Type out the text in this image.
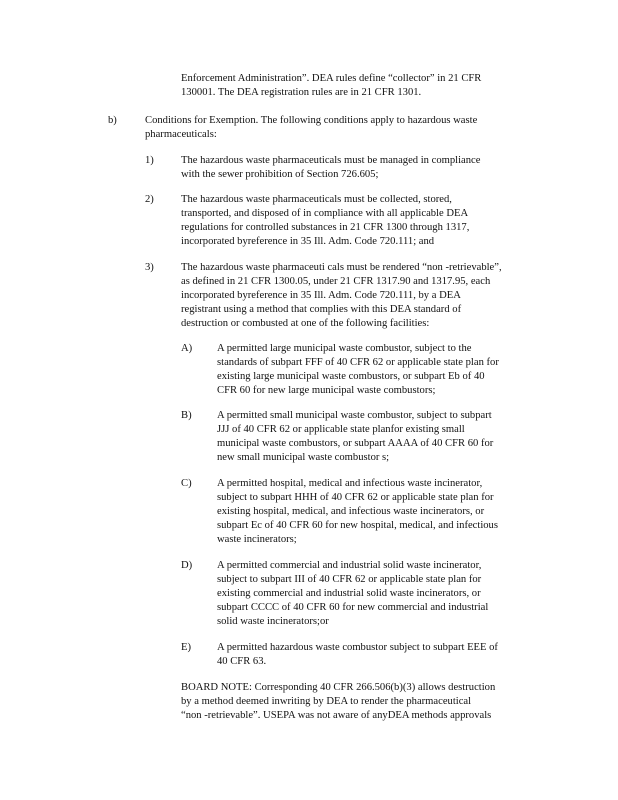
Enforcement Administration”. DEA rules define “collector” in 21 CFR
130001. The DEA registration rules are in 21 CFR 1301.
b)	Conditions for Exemption. The following conditions apply to hazardous waste
pharmaceuticals:
1)	The hazardous waste pharmaceuticals must be managed in compliance
with the sewer prohibition of Section 726.605;
2)	The hazardous waste pharmaceuticals must be collected, stored,
transported, and disposed of in compliance with all applicable DEA
regulations for controlled substances in 21 CFR 1300 through 1317,
incorporated byreference in 35 Ill. Adm. Code 720.111; and
3)	The hazardous waste pharmaceuti cals must be rendered “non -retrievable”,
as defined in 21 CFR 1300.05, under 21 CFR 1317.90 and 1317.95, each
incorporated byreference in 35 Ill. Adm. Code 720.111, by a DEA
registrant using a method that complies with this DEA standard of
destruction or combusted at one of the following facilities:
A) A permitted large municipal waste combustor, subject to the
standards of subpart FFF of 40 CFR 62 or applicable state plan for
existing large municipal waste combustors, or subpart Eb of 40
CFR 60 for new large municipal waste combustors;
B) A permitted small municipal waste combustor, subject to subpart
JJJ of 40 CFR 62 or applicable state planfor existing small
municipal waste combustors, or subpart AAAA of 40 CFR 60 for
new small municipal waste combustor s;
C) A permitted hospital, medical and infectious waste incinerator,
subject to subpart HHH of 40 CFR 62 or applicable state plan for
existing hospital, medical, and infectious waste incinerators, or
subpart Ec of 40 CFR 60 for new hospital, medical, and infectious
waste incinerators;
D) A permitted commercial and industrial solid waste incinerator,
subject to subpart III of 40 CFR 62 or applicable state plan for
existing commercial and industrial solid waste incinerators, or
subpart CCCC of 40 CFR 60 for new commercial and industrial
solid waste incinerators;or
E) A permitted hazardous waste combustor subject to subpart EEE of
40 CFR 63.
BOARD NOTE: Corresponding 40 CFR 266.506(b)(3) allows destruction
by a method deemed inwriting by DEA to render the pharmaceutical
“non -retrievable”. USEPA was not aware of anyDEA methods approvals
